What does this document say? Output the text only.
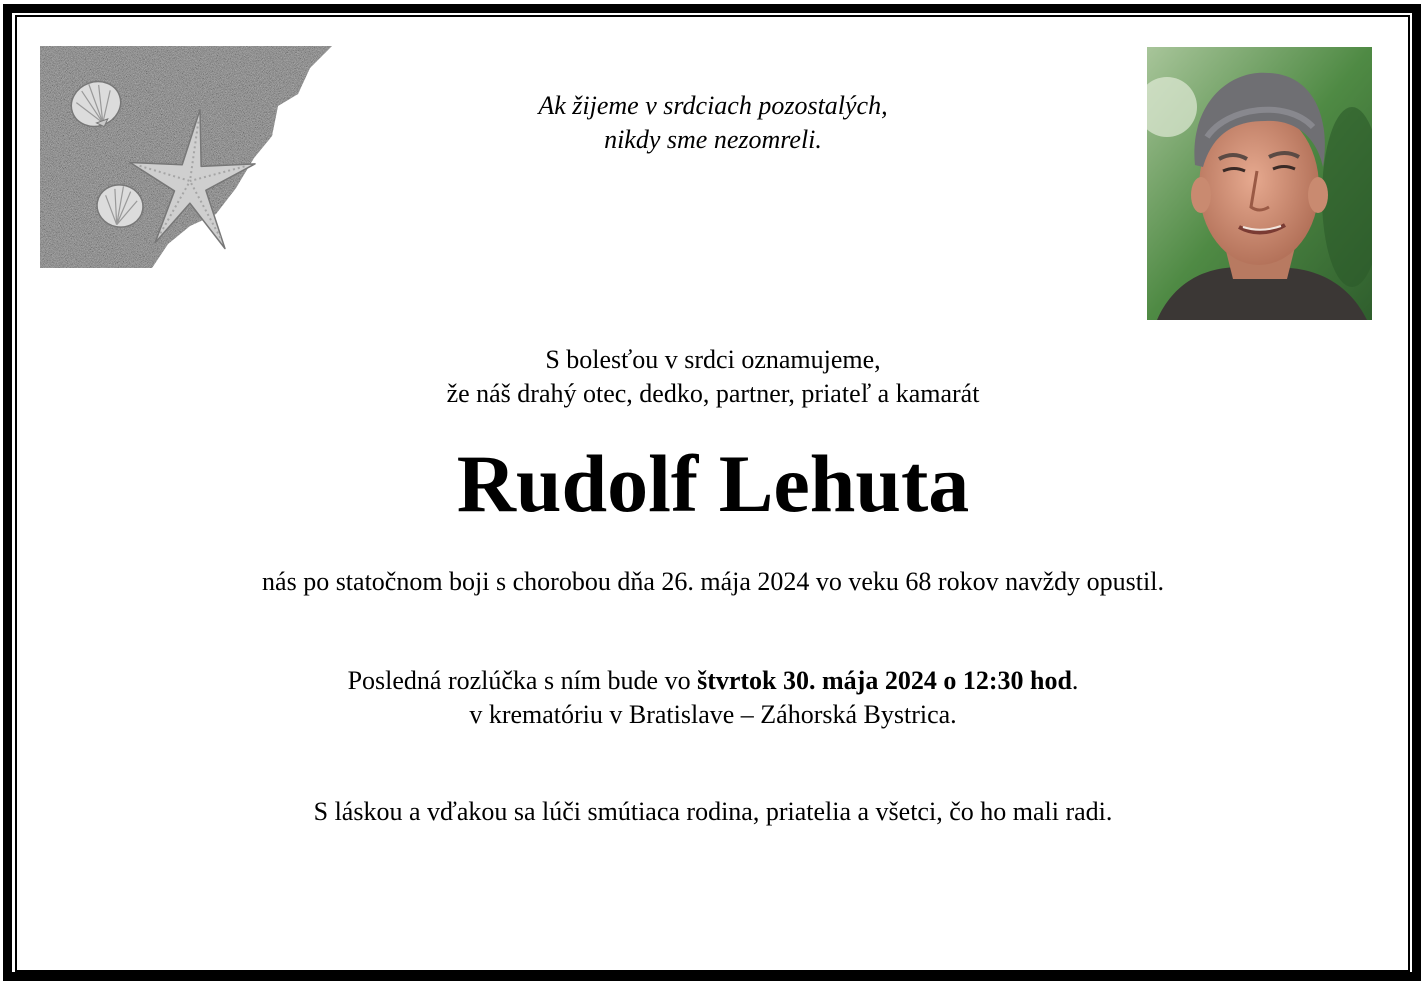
Ak žijeme v srdciach pozostalých,
nikdy sme nezomreli.
S bolesťou v srdci oznamujeme,
že náš drahý otec, dedko, partner, priateľ a kamarát
Rudolf Lehuta
nás po statočnom boji s chorobou dňa 26. mája 2024 vo veku 68 rokov navždy opustil.
Posledná rozlúčka s ním bude vo štvrtok 30. mája 2024 o 12:30 hod.
v krematóriu v Bratislave – Záhorská Bystrica.
S láskou a vďakou sa lúči smútiaca rodina, priatelia a všetci, čo ho mali radi.
